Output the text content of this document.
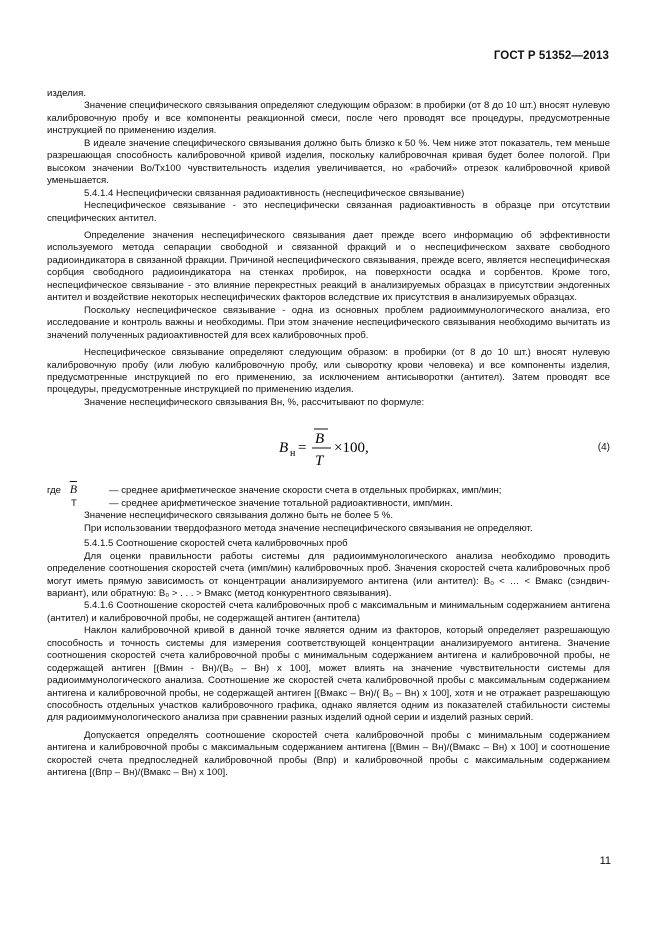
ГОСТ Р 51352—2013

изделия.

Значение специфического связывания определяют следующим образом: в пробирки (от 8 до 10 шт.) вносят нулевую калибровочную пробу и все компоненты реакционной смеси, после чего проводят все процедуры, предусмотренные инструкцией по применению изделия.

В идеале значение специфического связывания должно быть близко к 50 %. Чем ниже этот показатель, тем меньше разрешающая способность калибровочной кривой изделия, поскольку калибровочная кривая будет более пологой. При высоком значении Во/Тх100 чувствительность изделия увеличивается, но «рабочий» отрезок калибровочной кривой уменьшается.

5.4.1.4 Неспецифически связанная радиоактивность (неспецифическое связывание)

Неспецифическое связывание - это неспецифически связанная радиоактивность в образце при отсутствии специфических антител.

Определение значения неспецифического связывания дает прежде всего информацию об эффективности используемого метода сепарации свободной и связанной фракций и о неспецифическом захвате свободного радиоиндикатора в связанной фракции. Причиной неспецифического связывания, прежде всего, является неспецифическая сорбция свободного радиоиндикатора на стенках пробирок, на поверхности осадка и сорбентов. Кроме того, неспецифическое связывание - это влияние перекрестных реакций в анализируемых образцах в присутствии эндогенных антител и воздействие некоторых неспецифических факторов вследствие их присутствия в анализируемых образцах.

Поскольку неспецифическое связывание - одна из основных проблем радиоиммунологического анализа, его исследование и контроль важны и необходимы. При этом значение неспецифического связывания необходимо вычитать из значений полученных радиоактивностей для всех калибровочных проб.

Неспецифическое связывание определяют следующим образом: в пробирки (от 8 до 10 шт.) вносят нулевую калибровочную пробу (или любую калибровочную пробу, или сыворотку крови человека) и все компоненты изделия, предусмотренные инструкцией по его применению, за исключением антисыворотки (антител). Затем проводят все процедуры, предусмотренные инструкцией по применению изделия.

Значение неспецифического связывания Вн, %, рассчитывают по формуле:

В н =
B
T
×100,	(4)
где $\overline{B}$	— среднее арифметическое значение скорости счета в отдельных пробирках, имп/мин;
Т	— среднее арифметическое значение тотальной радиоактивности, имп/мин.

Значение неспецифического связывания должно быть не более 5 %.

При использовании твердофазного метода значение неспецифического связывания не определяют.

5.4.1.5 Соотношение скоростей счета калибровочных проб

Для оценки правильности работы системы для радиоиммунологического анализа необходимо проводить определение соотношения скоростей счета (имп/мин) калибровочных проб. Значения скоростей счета калибровочных проб могут иметь прямую зависимость от концентрации анализируемого антигена (или антител): В₀ < … < Вмакс (сэндвич-вариант), или обратную: В₀ > . . . > Вмакс (метод конкурентного связывания).

5.4.1.6 Соотношение скоростей счета калибровочных проб с максимальным и минимальным содержанием антигена (антител) и калибровочной пробы, не содержащей антиген (антитела)

Наклон калибровочной кривой в данной точке является одним из факторов, который определяет разрешающую способность и точность системы для измерения соответствующей концентрации анализируемого антигена. Значение соотношения скоростей счета калибровочной пробы с минимальным содержанием антигена и калибровочной пробы, не содержащей антиген [(Вмин - Вн)/(В₀ – Вн) х 100], может влиять на значение чувствительности системы для радиоиммунологического анализа. Соотношение же скоростей счета калибровочной пробы с максимальным содержанием антигена и калибровочной пробы, не содержащей антиген [(Вмакс – Вн)/( В₀ – Вн) х 100], хотя и не отражает разрешающую способность отдельных участков калибровочного графика, однако является одним из показателей стабильности системы для радиоиммунологического анализа при сравнении разных изделий одной серии и изделий разных серий.

Допускается определять соотношение скоростей счета калибровочной пробы с минимальным содержанием антигена и калибровочной пробы с максимальным содержанием антигена [(Вмин – Вн)/(Вмакс – Вн) х 100] и соотношение скоростей счета предпоследней калибровочной пробы (Впр) и калибровочной пробы с максимальным содержанием антигена [(Впр – Вн)/(Вмакс – Вн) х 100].

11
